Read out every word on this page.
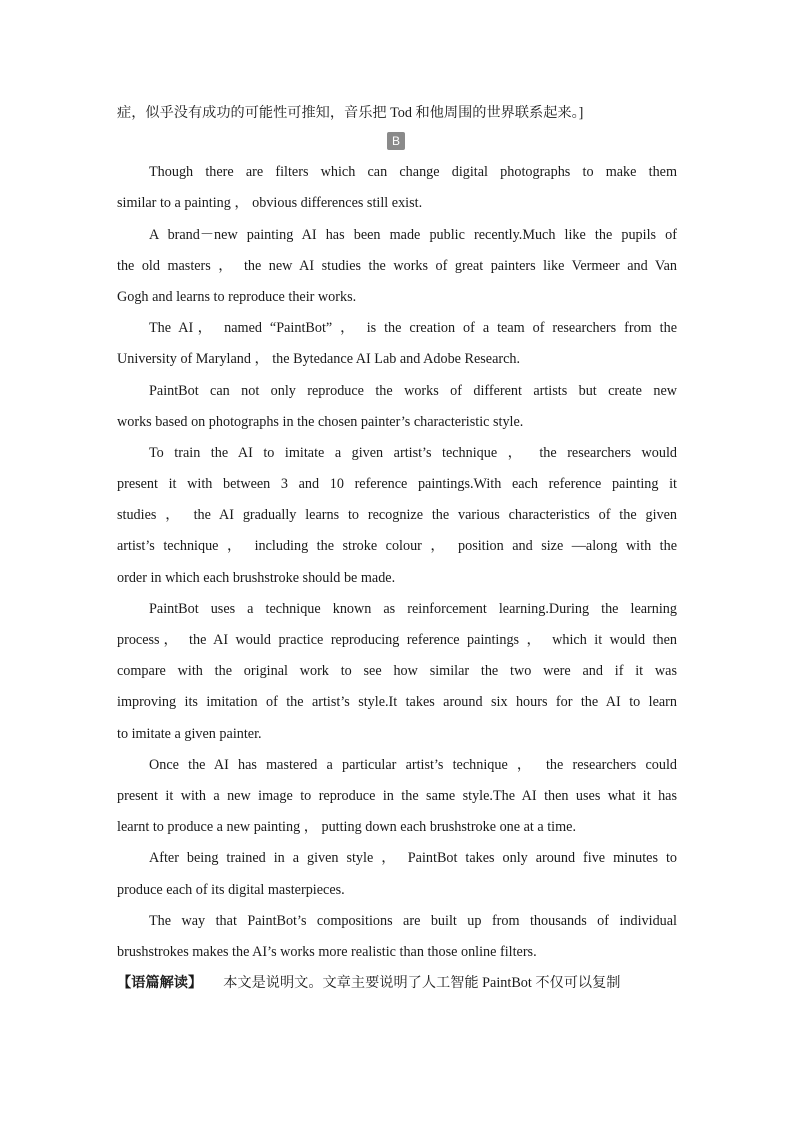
症，似乎没有成功的可能性可推知，音乐把 Tod 和他周围的世界联系起来。]
B
Though there are filters which can change digital photographs to make them
similar to a painting ， obvious differences still exist.
A brand－new painting AI has been made public recently.Much like the pupils of
the old masters ， the new AI studies the works of great painters like Vermeer and Van
Gogh and learns to reproduce their works.
The AI， named “PaintBot” ， is the creation of a team of researchers from the
University of Maryland ， the Bytedance AI Lab and Adobe Research.
PaintBot can not only reproduce the works of different artists but create new
works based on photographs in the chosen painter’s characteristic style.
To train the AI to imitate a given artist’s technique ， the researchers would
present it with between 3 and 10 reference paintings.With each reference painting it
studies ， the AI gradually learns to recognize the various characteristics of the given
artist’s technique ， including the stroke colour ， position and size —along with the
order in which each brushstroke should be made.
PaintBot uses a technique known as reinforcement learning.During the learning
process， the AI would practice reproducing reference paintings ， which it would then
compare with the original work to see how similar the two were and if it was
improving its imitation of the artist’s style.It takes around six hours for the AI to learn
to imitate a given painter.
Once the AI has mastered a particular artist’s technique ， the researchers could
present it with a new image to reproduce in the same style.The AI then uses what it has
learnt to produce a new painting ， putting down each brushstroke one at a time.
After being trained in a given style ， PaintBot takes only around five minutes to
produce each of its digital masterpieces.
The way that PaintBot’s compositions are built up from thousands of individual
brushstrokes makes the AI’s works more realistic than those online filters.
【语篇解读】 本文是说明文。文章主要说明了人工智能 PaintBot 不仅可以复制
